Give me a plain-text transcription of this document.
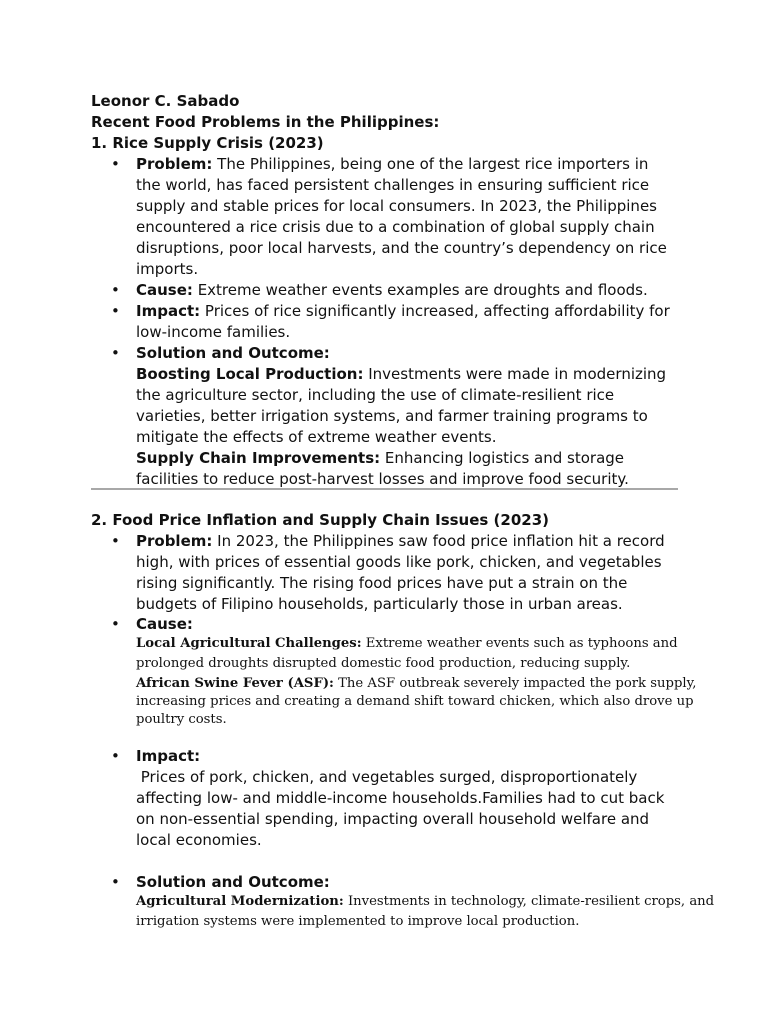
Leonor C. Sabado
Recent Food Problems in the Philippines:
1. Rice Supply Crisis (2023)
• Problem: The Philippines, being one of the largest rice importers in
the world, has faced persistent challenges in ensuring sufficient rice
supply and stable prices for local consumers. In 2023, the Philippines
encountered a rice crisis due to a combination of global supply chain
disruptions, poor local harvests, and the country’s dependency on rice
imports.
• Cause: Extreme weather events examples are droughts and floods.
• Impact: Prices of rice significantly increased, affecting affordability for
low-income families.
• Solution and Outcome:
Boosting Local Production: Investments were made in modernizing
the agriculture sector, including the use of climate-resilient rice
varieties, better irrigation systems, and farmer training programs to
mitigate the effects of extreme weather events.
Supply Chain Improvements: Enhancing logistics and storage
facilities to reduce post-harvest losses and improve food security.
2. Food Price Inflation and Supply Chain Issues (2023)
• Problem: In 2023, the Philippines saw food price inflation hit a record
high, with prices of essential goods like pork, chicken, and vegetables
rising significantly. The rising food prices have put a strain on the
budgets of Filipino households, particularly those in urban areas.
• Cause:
Local Agricultural Challenges: Extreme weather events such as typhoons and
prolonged droughts disrupted domestic food production, reducing supply.
African Swine Fever (ASF): The ASF outbreak severely impacted the pork supply,
increasing prices and creating a demand shift toward chicken, which also drove up
poultry costs.
• Impact:
Prices of pork, chicken, and vegetables surged, disproportionately
affecting low- and middle-income households.Families had to cut back
on non-essential spending, impacting overall household welfare and
local economies.
• Solution and Outcome:
Agricultural Modernization: Investments in technology, climate-resilient crops, and
irrigation systems were implemented to improve local production.
